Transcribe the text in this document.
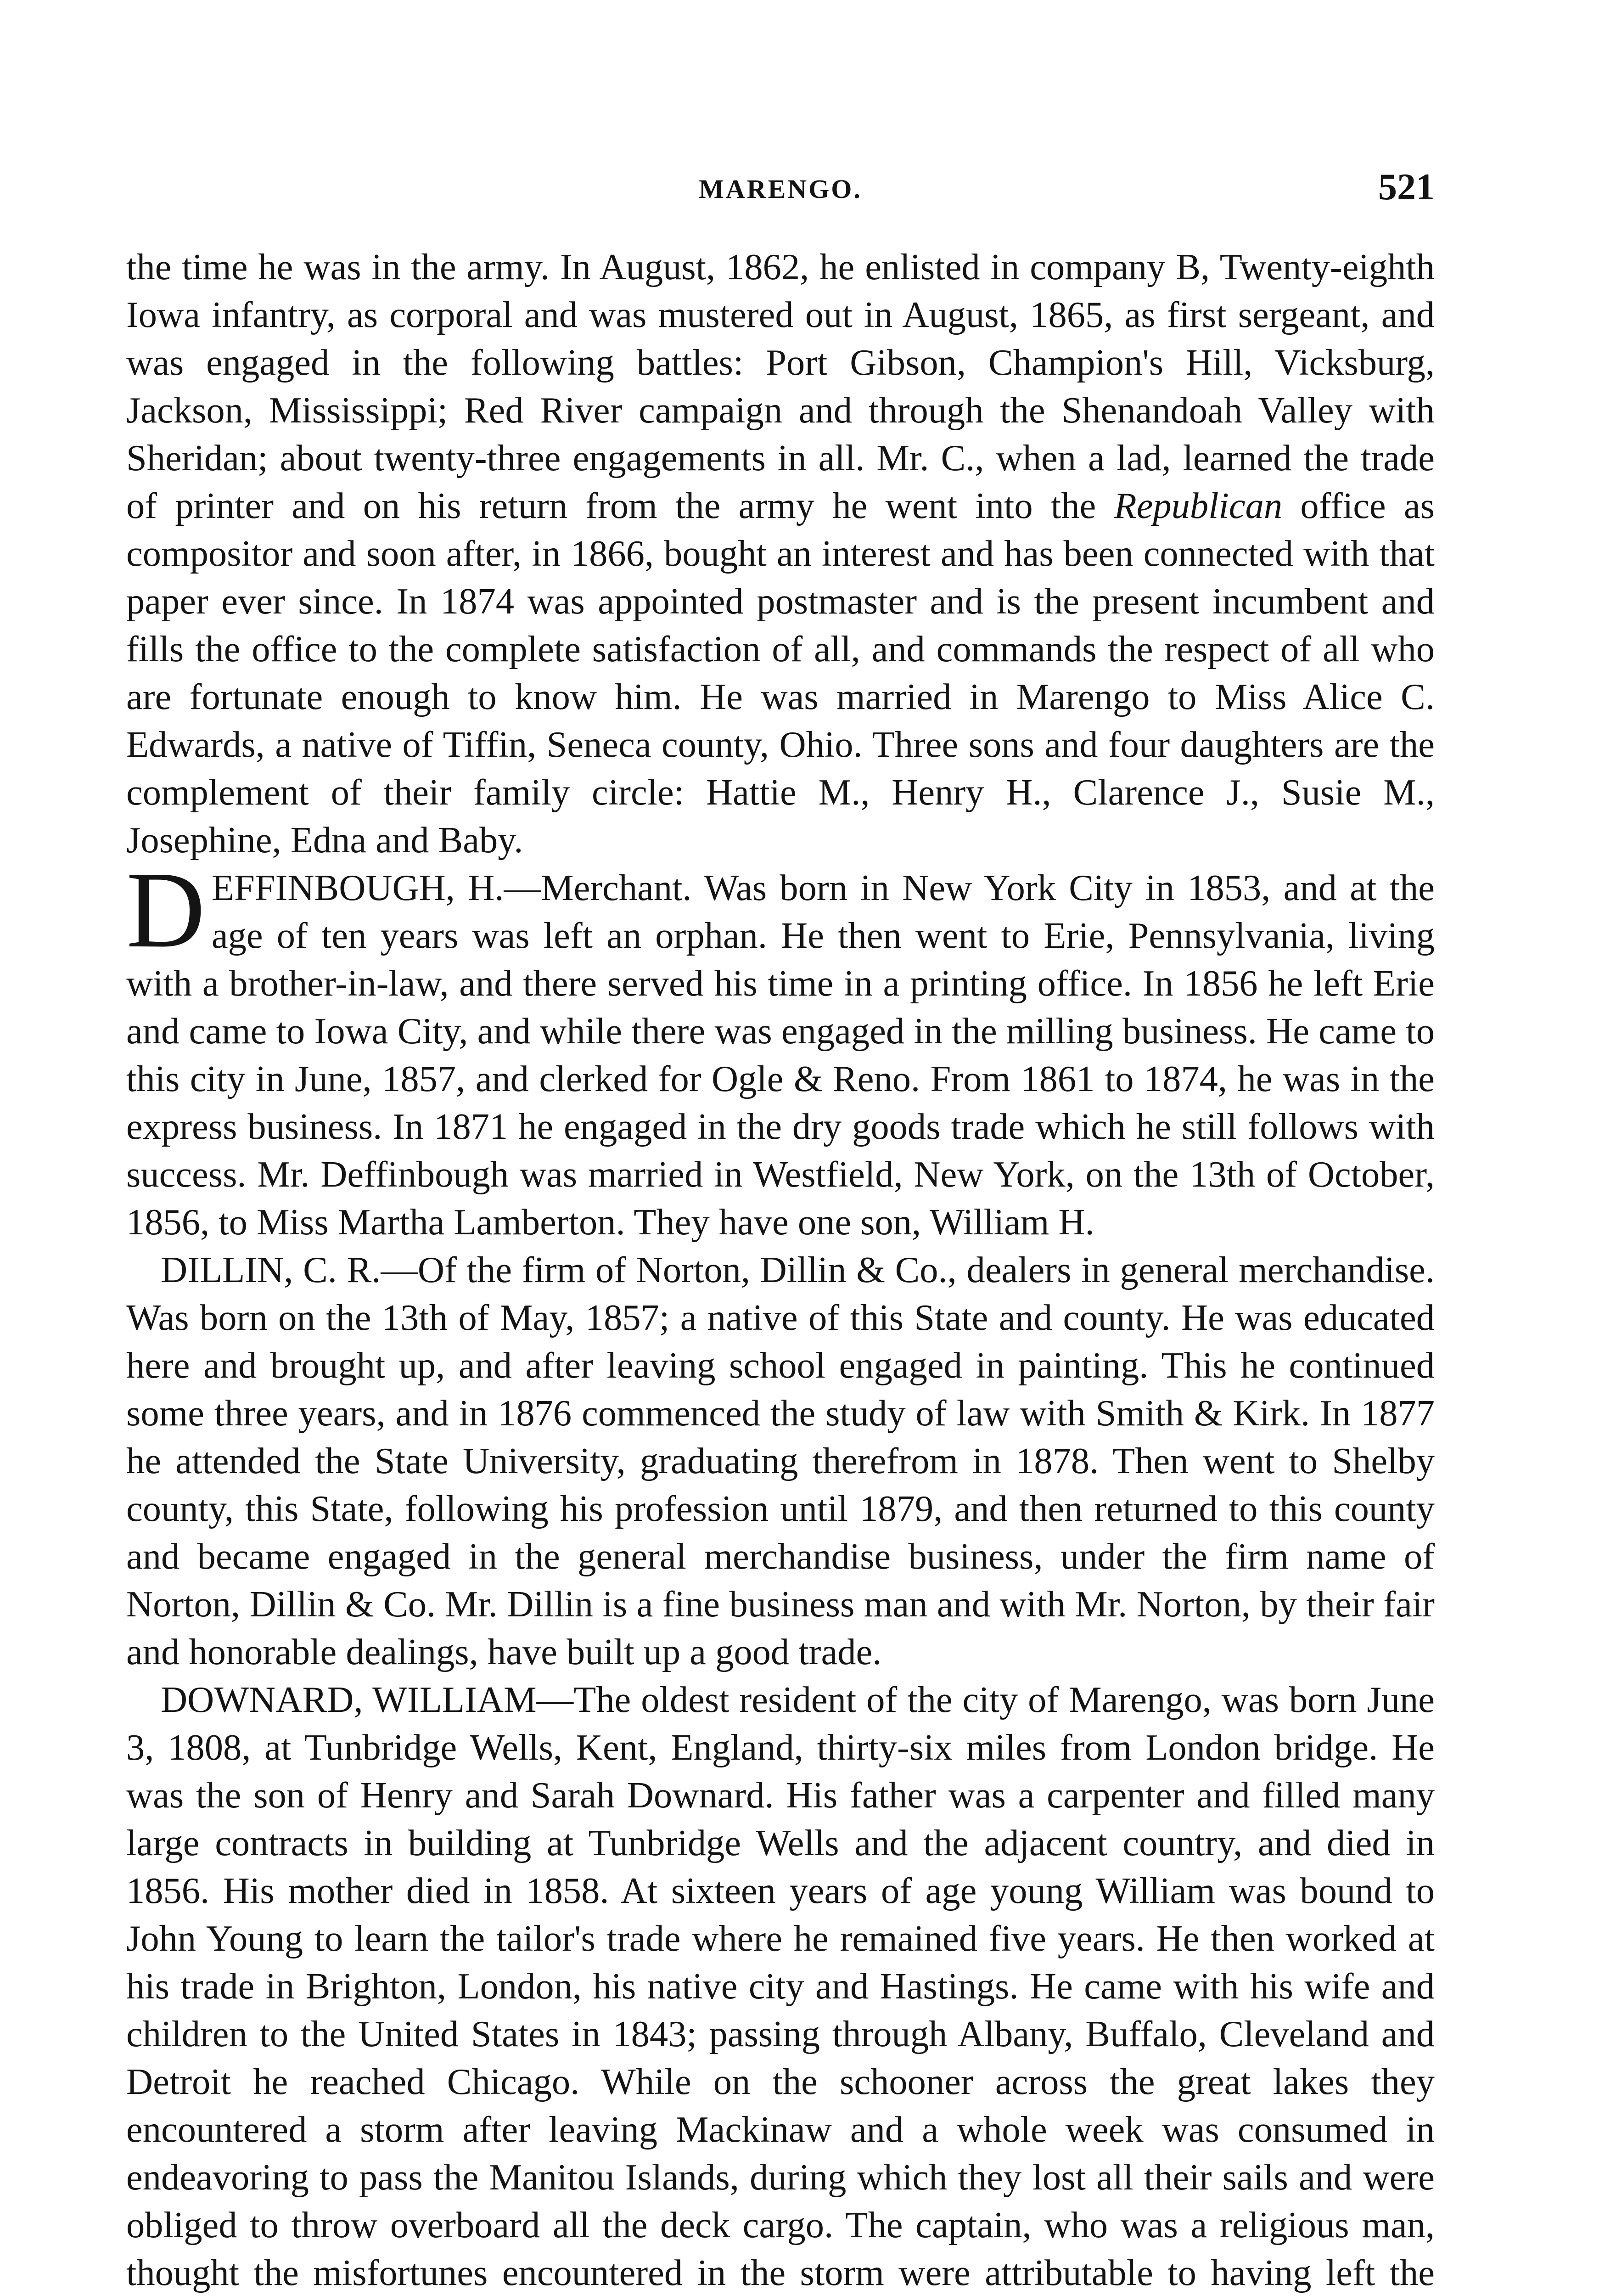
MARENGO.	521

the time he was in the army. In August, 1862, he enlisted in company B, Twenty-eighth Iowa infantry, as corporal and was mustered out in August, 1865, as first sergeant, and was engaged in the following battles: Port Gibson, Champion's Hill, Vicksburg, Jackson, Mississippi; Red River campaign and through the Shenandoah Valley with Sheridan; about twenty-three engagements in all. Mr. C., when a lad, learned the trade of printer and on his return from the army he went into the Republican office as compositor and soon after, in 1866, bought an interest and has been connected with that paper ever since. In 1874 was appointed postmaster and is the present incumbent and fills the office to the complete satisfaction of all, and commands the respect of all who are fortunate enough to know him. He was married in Marengo to Miss Alice C. Edwards, a native of Tiffin, Seneca county, Ohio. Three sons and four daughters are the complement of their family circle: Hattie M., Henry H., Clarence J., Susie M., Josephine, Edna and Baby.

DEFFINBOUGH, H.—Merchant. Was born in New York City in 1853, and at the age of ten years was left an orphan. He then went to Erie, Pennsylvania, living with a brother-in-law, and there served his time in a printing office. In 1856 he left Erie and came to Iowa City, and while there was engaged in the milling business. He came to this city in June, 1857, and clerked for Ogle & Reno. From 1861 to 1874, he was in the express business. In 1871 he engaged in the dry goods trade which he still follows with success. Mr. Deffinbough was married in Westfield, New York, on the 13th of October, 1856, to Miss Martha Lamberton. They have one son, William H.

DILLIN, C. R.—Of the firm of Norton, Dillin & Co., dealers in general merchandise. Was born on the 13th of May, 1857; a native of this State and county. He was educated here and brought up, and after leaving school engaged in painting. This he continued some three years, and in 1876 commenced the study of law with Smith & Kirk. In 1877 he attended the State University, graduating therefrom in 1878. Then went to Shelby county, this State, following his profession until 1879, and then returned to this county and became engaged in the general merchandise business, under the firm name of Norton, Dillin & Co. Mr. Dillin is a fine business man and with Mr. Norton, by their fair and honorable dealings, have built up a good trade.

DOWNARD, WILLIAM—The oldest resident of the city of Marengo, was born June 3, 1808, at Tunbridge Wells, Kent, England, thirty-six miles from London bridge. He was the son of Henry and Sarah Downard. His father was a carpenter and filled many large contracts in building at Tunbridge Wells and the adjacent country, and died in 1856. His mother died in 1858. At sixteen years of age young William was bound to John Young to learn the tailor's trade where he remained five years. He then worked at his trade in Brighton, London, his native city and Hastings. He came with his wife and children to the United States in 1843; passing through Albany, Buffalo, Cleveland and Detroit he reached Chicago. While on the schooner across the great lakes they encountered a storm after leaving Mackinaw and a whole week was consumed in endeavoring to pass the Manitou Islands, during which they lost all their sails and were obliged to throw overboard all the deck cargo. The captain, who was a religious man, thought the misfortunes encountered in the storm were attributable to having left the
